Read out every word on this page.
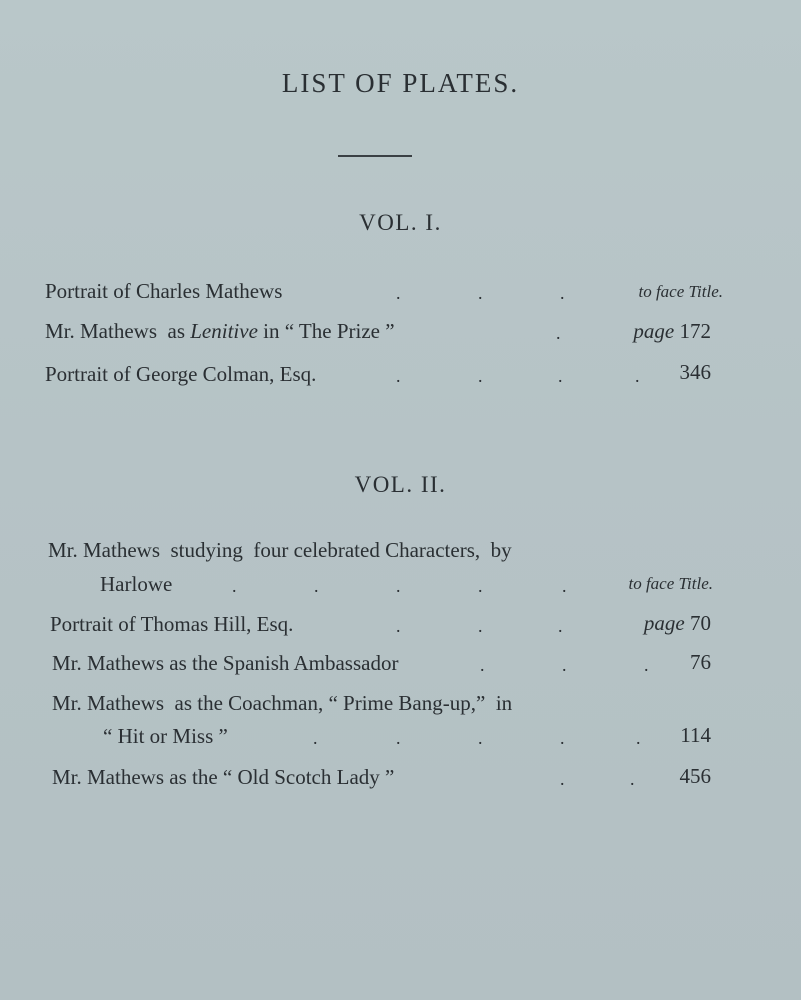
LIST OF PLATES.
VOL. I.
Portrait of Charles Mathews	.	.	.	to face Title.
Mr. Mathews  as Lenitive in “ The Prize ”	.	page 172
Portrait of George Colman, Esq.	.	.	.	. 346
VOL. II.
Mr. Mathews  studying  four celebrated Characters,  by
Harlowe	.	.	.	.	.	to face Title.
Portrait of Thomas Hill, Esq.	.	.	.	page 70
Mr. Mathews as the Spanish Ambassador	.	.	. 76
Mr. Mathews  as the Coachman, “ Prime Bang-up,”  in
“ Hit or Miss ”	.	.	.	.	. 114
Mr. Mathews as the “ Old Scotch Lady ”	.	. 456
